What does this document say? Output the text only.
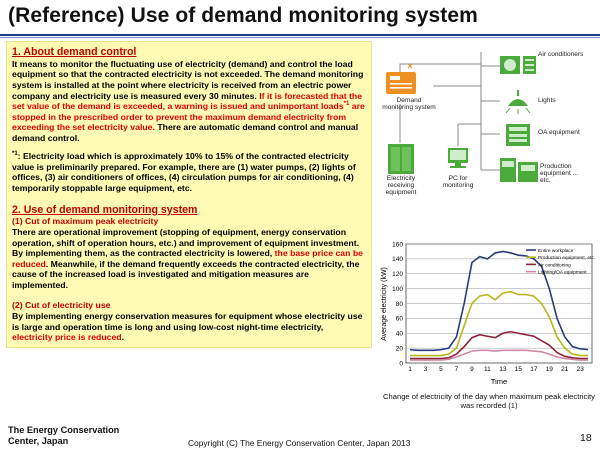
(Reference) Use of demand monitoring system
1. About demand control

It means to monitor the fluctuating use of electricity (demand) and control the load equipment so that the contracted electricity is not exceeded. The demand monitoring system is installed at the point where electricity is received from an electric power company and electricity use is measured every 30 minutes. If it is forecasted that the set value of the demand is exceeded, a warning is issued and unimportant loads$^{*1}$ are stopped in the prescribed order to prevent the maximum demand electricity from exceeding the set electricity value. There are automatic demand control and manual demand control.

$^{*1}$: Electricity load which is approximately 10% to 15% of the contracted electricity value is preliminarily prepared. For example, there are (1) water pumps, (2) lights of offices, (3) air conditioners of offices, (4) circulation pumps for air conditioning, (4) temporarily stoppable large equipment, etc.

2. Use of demand monitoring system
(1) Cut of maximum peak electricity

There are operational improvement (stopping of equipment, energy conservation operation, shift of operation hours, etc.) and improvement of equipment investment. By implementing them, as the contracted electricity is lowered, the base price can be reduced. Meanwhile, if the demand frequently exceeds the contracted electricity, the cause of the increased load is investigated and mitigation measures are implemented.

(2) Cut of electricity use

By implementing energy conservation measures for equipment whose electricity use is large and operation time is long and using low-cost night-time electricity, electricity price is reduced.

Demand monitoring system
Electricity receiving equipment
PC for monitoring
Air conditioners
Lights
OA equipment
Production equipment ... etc.
0
20
40
60
80
100
120
140
160
1 3 5 7 9 11 13 15 17 19 21 23
Entire workplace
Production equipment, etc.
Air conditioning
Lighting/OA equipment
Average electricity (kW)
Time
Change of electricity of the day when maximum peak electricity was recorded (1)
The Energy Conservation
Center, Japan	Copyright (C) The Energy Conservation Center, Japan 2013	18
